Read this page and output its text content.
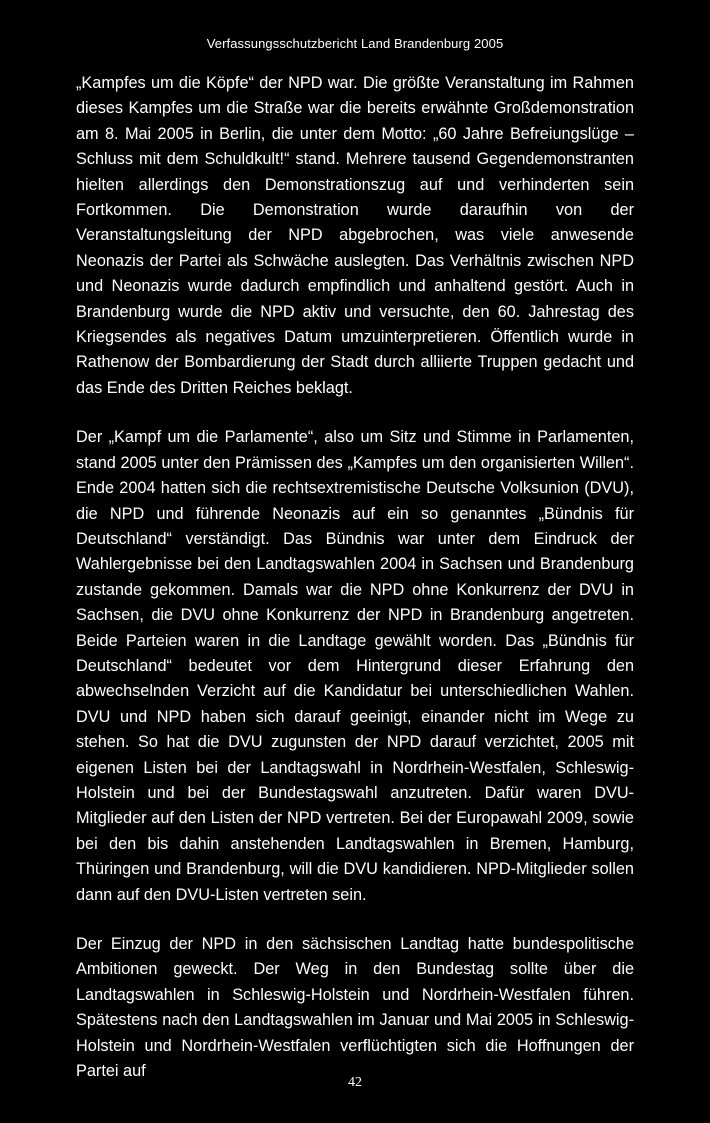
Verfassungsschutzbericht Land Brandenburg 2005

„Kampfes um die Köpfe“ der NPD war. Die größte Veranstaltung im Rahmen dieses Kampfes um die Straße war die bereits erwähnte Großdemonstration am 8. Mai 2005 in Berlin, die unter dem Motto: „60 Jahre Befreiungslüge – Schluss mit dem Schuldkult!“ stand. Mehrere tausend Gegendemonstranten hielten allerdings den Demonstrationszug auf und verhinderten sein Fortkommen. Die Demonstration wurde daraufhin von der Veranstaltungsleitung der NPD abgebrochen, was viele anwesende Neonazis der Partei als Schwäche auslegten. Das Verhältnis zwischen NPD und Neonazis wurde dadurch empfindlich und anhaltend gestört. Auch in Brandenburg wurde die NPD aktiv und versuchte, den 60. Jahrestag des Kriegsendes als negatives Datum umzuinterpretieren. Öffentlich wurde in Rathenow der Bombardierung der Stadt durch alliierte Truppen gedacht und das Ende des Dritten Reiches beklagt.

Der „Kampf um die Parlamente“, also um Sitz und Stimme in Parlamenten, stand 2005 unter den Prämissen des „Kampfes um den organisierten Willen“. Ende 2004 hatten sich die rechtsextremistische Deutsche Volksunion (DVU), die NPD und führende Neonazis auf ein so genanntes „Bündnis für Deutschland“ verständigt. Das Bündnis war unter dem Eindruck der Wahlergebnisse bei den Landtagswahlen 2004 in Sachsen und Brandenburg zustande gekommen. Damals war die NPD ohne Konkurrenz der DVU in Sachsen, die DVU ohne Konkurrenz der NPD in Brandenburg angetreten. Beide Parteien waren in die Landtage gewählt worden. Das „Bündnis für Deutschland“ bedeutet vor dem Hintergrund dieser Erfahrung den abwechselnden Verzicht auf die Kandidatur bei unterschiedlichen Wahlen. DVU und NPD haben sich darauf geeinigt, einander nicht im Wege zu stehen. So hat die DVU zugunsten der NPD darauf verzichtet, 2005 mit eigenen Listen bei der Landtagswahl in Nordrhein-Westfalen, Schleswig-Holstein und bei der Bundestagswahl anzutreten. Dafür waren DVU-Mitglieder auf den Listen der NPD vertreten. Bei der Europawahl 2009, sowie bei den bis dahin anstehenden Landtagswahlen in Bremen, Hamburg, Thüringen und Brandenburg, will die DVU kandidieren. NPD-Mitglieder sollen dann auf den DVU-Listen vertreten sein.

Der Einzug der NPD in den sächsischen Landtag hatte bundespolitische Ambitionen geweckt. Der Weg in den Bundestag sollte über die Landtagswahlen in Schleswig-Holstein und Nordrhein-Westfalen führen. Spätestens nach den Landtagswahlen im Januar und Mai 2005 in Schleswig-Holstein und Nordrhein-Westfalen verflüchtigten sich die Hoffnungen der Partei auf

42
